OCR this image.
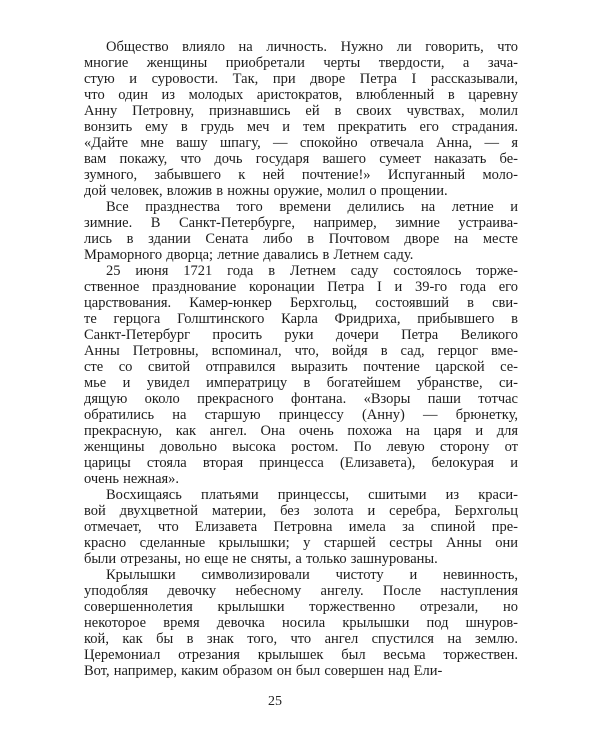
Общество влияло на личность. Нужно ли говорить, что
многие женщины приобретали черты твердости, а зача-
стую и суровости. Так, при дворе Петра I рассказывали,
что один из молодых аристократов, влюбленный в царевну
Анну Петровну, признавшись ей в своих чувствах, молил
вонзить ему в грудь меч и тем прекратить его страдания.
«Дайте мне вашу шпагу, — спокойно отвечала Анна, — я
вам покажу, что дочь государя вашего сумеет наказать бе-
зумного, забывшего к ней почтение!» Испуганный моло-
дой человек, вложив в ножны оружие, молил о прощении.
Все празднества того времени делились на летние и
зимние. В Санкт-Петербурге, например, зимние устраива-
лись в здании Сената либо в Почтовом дворе на месте
Мраморного дворца; летние давались в Летнем саду.
25 июня 1721 года в Летнем саду состоялось торже-
ственное празднование коронации Петра I и 39-го года его
царствования. Камер-юнкер Берхгольц, состоявший в сви-
те герцога Голштинского Карла Фридриха, прибывшего в
Санкт-Петербург просить руки дочери Петра Великого
Анны Петровны, вспоминал, что, войдя в сад, герцог вме-
сте со свитой отправился выразить почтение царской се-
мье и увидел императрицу в богатейшем убранстве, си-
дящую около прекрасного фонтана. «Взоры паши тотчас
обратились на старшую принцессу (Анну) — брюнетку,
прекрасную, как ангел. Она очень похожа на царя и для
женщины довольно высока ростом. По левую сторону от
царицы стояла вторая принцесса (Елизавета), белокурая и
очень нежная».
Восхищаясь платьями принцессы, сшитыми из краси-
вой двухцветной материи, без золота и серебра, Берхгольц
отмечает, что Елизавета Петровна имела за спиной пре-
красно сделанные крылышки; у старшей сестры Анны они
были отрезаны, но еще не сняты, а только зашнурованы.
Крылышки символизировали чистоту и невинность,
уподобляя девочку небесному ангелу. После наступления
совершеннолетия крылышки торжественно отрезали, но
некоторое время девочка носила крылышки под шнуров-
кой, как бы в знак того, что ангел спустился на землю.
Церемониал отрезания крылышек был весьма торжествен.
Вот, например, каким образом он был совершен над Ели-
25
